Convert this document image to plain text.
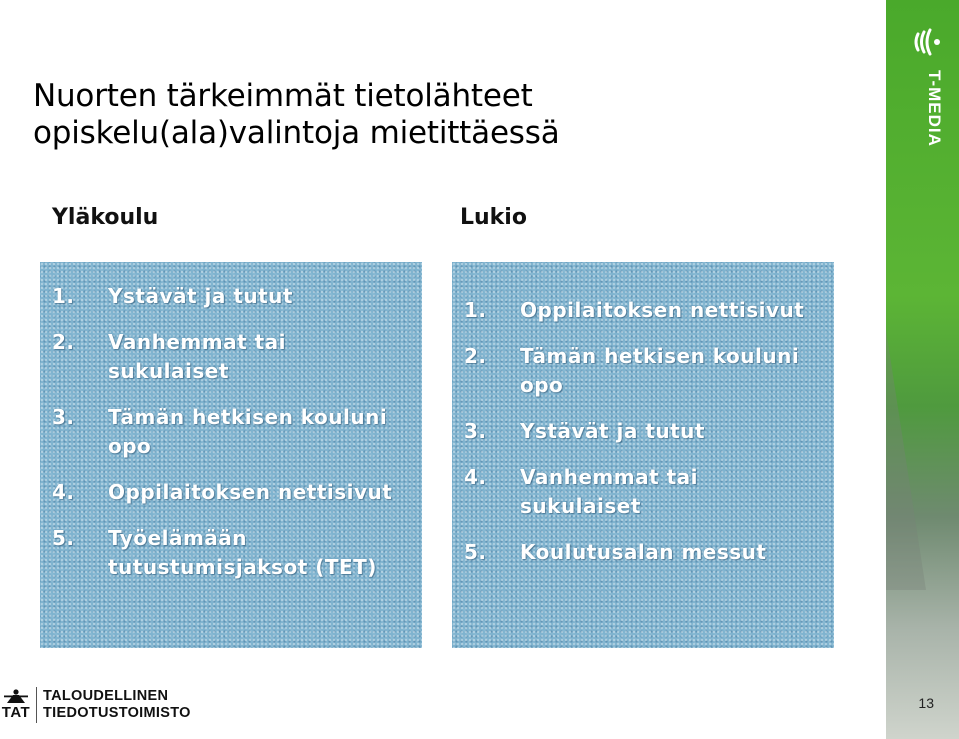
Nuorten tärkeimmät tietolähteet
opiskelu(ala)valintoja mietittäessä
Yläkoulu	Lukio
1.	Ystävät ja tutut
2.	Vanhemmat tai sukulaiset
3.	Tämän hetkisen kouluni opo
4.	Oppilaitoksen nettisivut
5.	Työelämään tutustumisjaksot (TET)
1.	Oppilaitoksen nettisivut
2.	Tämän hetkisen kouluni opo
3.	Ystävät ja tutut
4.	Vanhemmat tai sukulaiset
5.	Koulutusalan messut
T-MEDIA
13
TAT
TALOUDELLINEN
TIEDOTUSTOIMISTO
